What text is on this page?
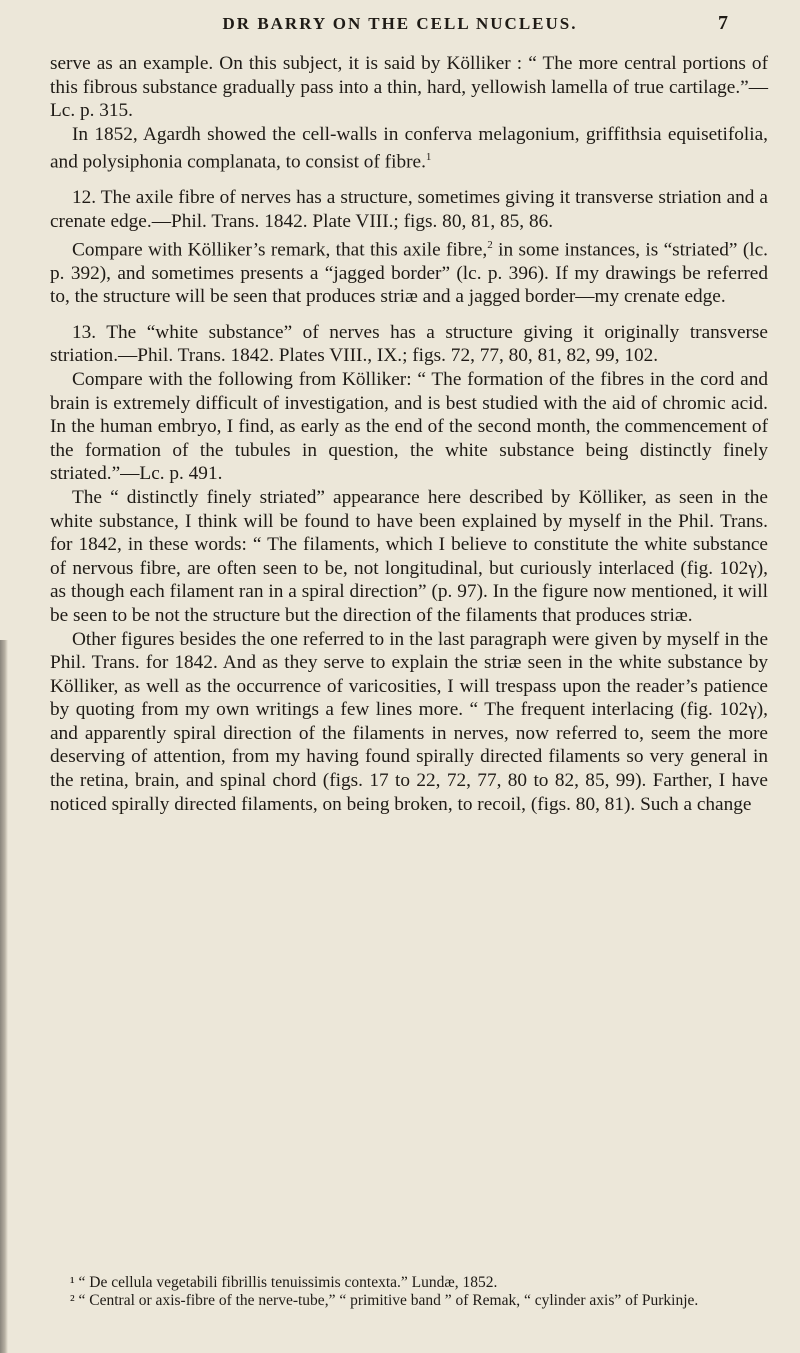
DR BARRY ON THE CELL NUCLEUS.	7

serve as an example. On this subject, it is said by Kölliker : “ The more central portions of this fibrous substance gradually pass into a thin, hard, yellowish lamella of true cartilage.”—Lc. p. 315.

In 1852, Agardh showed the cell-walls in conferva melagonium, griffithsia equisetifolia, and polysiphonia complanata, to consist of fibre.$^1$

12. The axile fibre of nerves has a structure, sometimes giving it transverse striation and a crenate edge.—Phil. Trans. 1842. Plate VIII.; figs. 80, 81, 85, 86.

Compare with Kölliker’s remark, that this axile fibre,$^2$ in some instances, is “striated” (lc. p. 392), and sometimes presents a “jagged border” (lc. p. 396). If my drawings be referred to, the structure will be seen that produces striæ and a jagged border—my crenate edge.

13. The “white substance” of nerves has a structure giving it originally transverse striation.—Phil. Trans. 1842. Plates VIII., IX.; figs. 72, 77, 80, 81, 82, 99, 102.

Compare with the following from Kölliker: “ The formation of the fibres in the cord and brain is extremely difficult of investigation, and is best studied with the aid of chromic acid. In the human embryo, I find, as early as the end of the second month, the commencement of the formation of the tubules in question, the white substance being distinctly finely striated.”—Lc. p. 491.

The “ distinctly finely striated” appearance here described by Kölliker, as seen in the white substance, I think will be found to have been explained by myself in the Phil. Trans. for 1842, in these words: “ The filaments, which I believe to constitute the white substance of nervous fibre, are often seen to be, not longitudinal, but curiously interlaced (fig. 102γ), as though each filament ran in a spiral direction” (p. 97). In the figure now mentioned, it will be seen to be not the structure but the direction of the filaments that produces striæ.

Other figures besides the one referred to in the last paragraph were given by myself in the Phil. Trans. for 1842. And as they serve to explain the striæ seen in the white substance by Kölliker, as well as the occurrence of varicosities, I will trespass upon the reader’s patience by quoting from my own writings a few lines more. “ The frequent interlacing (fig. 102γ), and apparently spiral direction of the filaments in nerves, now referred to, seem the more deserving of attention, from my having found spirally directed filaments so very general in the retina, brain, and spinal chord (figs. 17 to 22, 72, 77, 80 to 82, 85, 99). Farther, I have noticed spirally directed filaments, on being broken, to recoil, (figs. 80, 81). Such a change

¹ “ De cellula vegetabili fibrillis tenuissimis contexta.” Lundæ, 1852.

² “ Central or axis-fibre of the nerve-tube,” “ primitive band ” of Remak, “ cylinder axis” of Purkinje.
